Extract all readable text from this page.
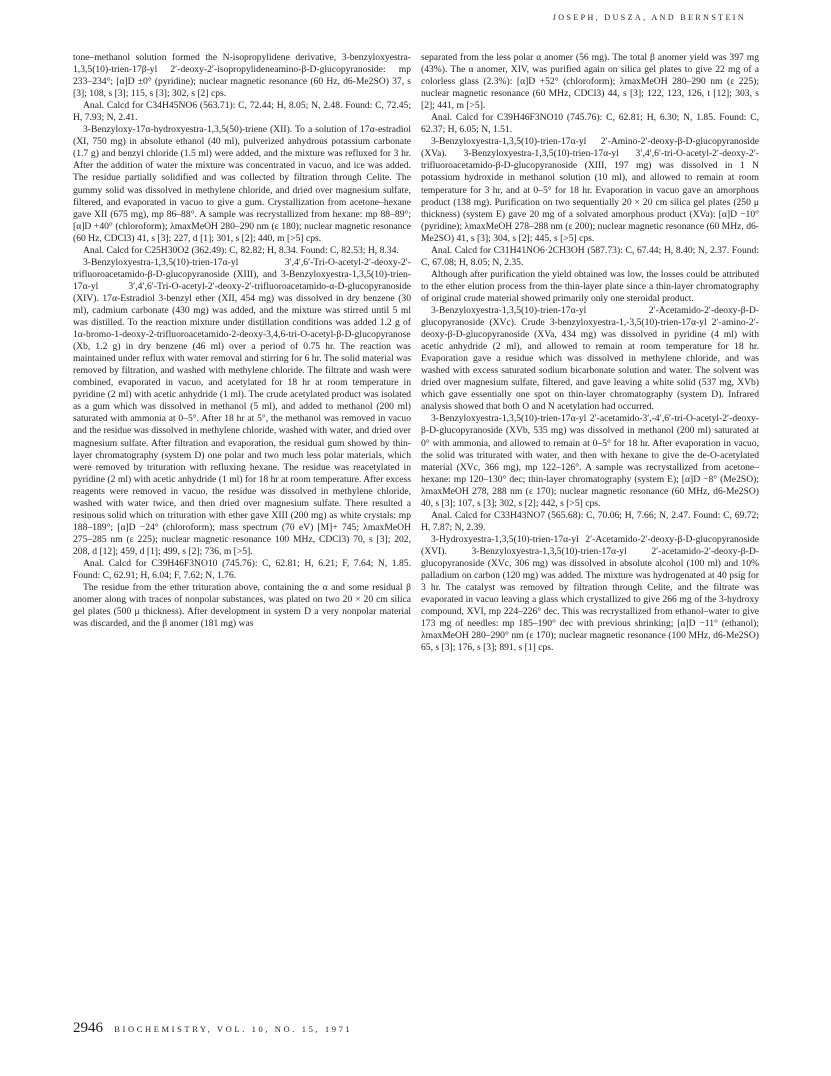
JOSEPH, DUSZA, AND BERNSTEIN

tone–methanol solution formed the N-isopropylidene derivative, 3-benzyloxyestra-1,3,5(10)-trien-17β-yl 2′-deoxy-2′-isopropylideneamino-β-D-glucopyranoside: mp 233–234°; [α]D ±0° (pyridine); nuclear magnetic resonance (60 Hz, d6-Me2SO) 37, s [3]; 108, s [3]; 115, s [3]; 302, s [2] cps.

Anal. Calcd for C34H45NO6 (563.71): C, 72.44; H, 8.05; N, 2.48. Found: C, 72.45; H, 7.93; N, 2.41.

3-Benzyloxy-17α-hydroxyestra-1,3,5(50)-triene (XII). To a solution of 17α-estradiol (XI, 750 mg) in absolute ethanol (40 ml), pulverized anhydrous potassium carbonate (1.7 g) and benzyl chloride (1.5 ml) were added, and the mixture was refluxed for 3 hr. After the addition of water the mixture was concentrated in vacuo, and ice was added. The residue partially solidified and was collected by filtration through Celite. The gummy solid was dissolved in methylene chloride, and dried over magnesium sulfate, filtered, and evaporated in vacuo to give a gum. Crystallization from acetone–hexane gave XII (675 mg), mp 86–88°. A sample was recrystallized from hexane: mp 88–89°; [α]D +40° (chloroform); λmaxMeOH 280–290 nm (ε 180); nuclear magnetic resonance (60 Hz, CDCl3) 41, s [3]; 227, d [1]; 301, s [2]; 440, m [>5] cps.

Anal. Calcd for C25H30O2 (362.49): C, 82.82; H, 8.34. Found: C, 82.53; H, 8.34.

3-Benzyloxyestra-1,3,5(10)-trien-17α-yl 3′,4′,6′-Tri-O-acetyl-2′-deoxy-2′-trifluoroacetamido-β-D-glucopyranoside (XIII), and 3-Benzyloxyestra-1,3,5(10)-trien-17α-yl 3′,4′,6′-Tri-O-acetyl-2′-deoxy-2′-trifluoroacetamido-α-D-glucopyranoside (XIV). 17α-Estradiol 3-benzyl ether (XII, 454 mg) was dissolved in dry benzene (30 ml), cadmium carbonate (430 mg) was added, and the mixture was stirred until 5 ml was distilled. To the reaction mixture under distillation conditions was added 1.2 g of 1α-bromo-1-deoxy-2-trifluoroacetamido-2-deoxy-3,4,6-tri-O-acetyl-β-D-glucopyranose (Xb, 1.2 g) in dry benzene (46 ml) over a period of 0.75 hr. The reaction was maintained under reflux with water removal and stirring for 6 hr. The solid material was removed by filtration, and washed with methylene chloride. The filtrate and wash were combined, evaporated in vacuo, and acetylated for 18 hr at room temperature in pyridine (2 ml) with acetic anhydride (1 ml). The crude acetylated product was isolated as a gum which was dissolved in methanol (5 ml), and added to methanol (200 ml) saturated with ammonia at 0–5°. After 18 hr at 5°, the methanol was removed in vacuo and the residue was dissolved in methylene chloride, washed with water, and dried over magnesium sulfate. After filtration and evaporation, the residual gum showed by thin-layer chromatography (system D) one polar and two much less polar materials, which were removed by trituration with refluxing hexane. The residue was reacetylated in pyridine (2 ml) with acetic anhydride (1 ml) for 18 hr at room temperature. After excess reagents were removed in vacuo, the residue was dissolved in methylene chloride, washed with water twice, and then dried over magnesium sulfate. There resulted a resinous solid which on trituration with ether gave XIII (200 mg) as white crystals: mp 188–189°; [α]D −24° (chloroform); mass spectrum (70 eV) [M]+ 745; λmaxMeOH 275–285 nm (ε 225); nuclear magnetic resonance 100 MHz, CDCl3) 70, s [3]; 202, 208, d [12]; 459, d [1]; 499, s [2]; 736, m [>5].

Anal. Calcd for C39H46F3NO10 (745.76): C, 62.81; H, 6.21; F, 7.64; N, 1.85. Found: C, 62.91; H, 6.04; F, 7.62; N, 1.76.

The residue from the ether trituration above, containing the α and some residual β anomer along with traces of nonpolar substances, was plated on two 20 × 20 cm silica gel plates (500 μ thickness). After development in system D a very nonpolar material was discarded, and the β anomer (181 mg) was

separated from the less polar α anomer (56 mg). The total β anomer yield was 397 mg (43%). The α anomer, XIV, was purified again on silica gel plates to give 22 mg of a colorless glass (2.3%): [α]D +52° (chloroform); λmaxMeOH 280–290 nm (ε 225); nuclear magnetic resonance (60 MHz, CDCl3) 44, s [3]; 122, 123, 126, t [12]; 303, s [2]; 441, m [>5].

Anal. Calcd for C39H46F3NO10 (745.76): C, 62.81; H, 6.30; N, 1.85. Found: C, 62.37; H, 6.05; N, 1.51.

3-Benzyloxyestra-1,3,5(10)-trien-17α-yl 2′-Amino-2′-deoxy-β-D-glucopyranoside (XVa). 3-Benzyloxyestra-1,3,5(10)-trien-17α-yl 3′,4′,6′-tri-O-acetyl-2′-deoxy-2′-trifluoroacetamido-β-D-glucopyranoside (XIII, 197 mg) was dissolved in 1 N potassium hydroxide in methanol solution (10 ml), and allowed to remain at room temperature for 3 hr, and at 0–5° for 18 hr. Evaporation in vacuo gave an amorphous product (138 mg). Purification on two sequentially 20 × 20 cm silica gel plates (250 μ thickness) (system E) gave 20 mg of a solvated amorphous product (XVa): [α]D −10° (pyridine); λmaxMeOH 278–288 nm (ε 200); nuclear magnetic resonance (60 MHz, d6-Me2SO) 41, s [3]; 304, s [2]; 445, s [>5] cps.

Anal. Calcd for C31H41NO6·2CH3OH (587.73): C, 67.44; H, 8.40; N, 2.37. Found: C, 67.08; H, 8.05; N, 2.35.

Although after purification the yield obtained was low, the losses could be attributed to the ether elution process from the thin-layer plate since a thin-layer chromatography of original crude material showed primarily only one steroidal product.

3-Benzyloxyestra-1,3,5(10)-trien-17α-yl 2′-Acetamido-2′-deoxy-β-D-glucopyranoside (XVc). Crude 3-benzyloxyestra-1,-3,5(10)-trien-17α-yl 2′-amino-2′-deoxy-β-D-glucopyranoside (XVa, 434 mg) was dissolved in pyridine (4 ml) with acetic anhydride (2 ml), and allowed to remain at room temperature for 18 hr. Evaporation gave a residue which was dissolved in methylene chloride, and was washed with excess saturated sodium bicarbonate solution and water. The solvent was dried over magnesium sulfate, filtered, and gave leaving a white solid (537 mg, XVb) which gave essentially one spot on thin-layer chromatography (system D). Infrared analysis showed that both O and N acetylation had occurred.

3-Benzyloxyestra-1,3,5(10)-trien-17α-yl 2′-acetamido-3′,-4′,6′-tri-O-acetyl-2′-deoxy-β-D-glucopyranoside (XVb, 535 mg) was dissolved in methanol (200 ml) saturated at 0° with ammonia, and allowed to remain at 0–5° for 18 hr. After evaporation in vacuo, the solid was triturated with water, and then with hexane to give the de-O-acetylated material (XVc, 366 mg), mp 122–126°. A sample was recrystallized from acetone–hexane: mp 120–130° dec; thin-layer chromatography (system E); [α]D −8° (Me2SO); λmaxMeOH 278, 288 nm (ε 170); nuclear magnetic resonance (60 MHz, d6-Me2SO) 40, s [3]; 107, s [3]; 302, s [2]; 442, s [>5] cps.

Anal. Calcd for C33H43NO7 (565.68): C, 70.06; H, 7.66; N, 2.47. Found: C, 69.72; H, 7.87; N, 2.39.

3-Hydroxyestra-1,3,5(10)-trien-17α-yl 2′-Acetamido-2′-deoxy-β-D-glucopyranoside (XVI). 3-Benzyloxyestra-1,3,5(10)-trien-17α-yl 2′-acetamido-2′-deoxy-β-D-glucopyranoside (XVc, 306 mg) was dissolved in absolute alcohol (100 ml) and 10% palladium on carbon (120 mg) was added. The mixture was hydrogenated at 40 psig for 3 hr. The catalyst was removed by filtration through Celite, and the filtrate was evaporated in vacuo leaving a glass which crystallized to give 266 mg of the 3-hydroxy compound, XVI, mp 224–226° dec. This was recrystallized from ethanol–water to give 173 mg of needles: mp 185–190° dec with previous shrinking; [α]D −11° (ethanol); λmaxMeOH 280–290° nm (ε 170); nuclear magnetic resonance (100 MHz, d6-Me2SO) 65, s [3]; 176, s [3]; 891, s [1] cps.

2946 BIOCHEMISTRY, VOL. 10, NO. 15, 1971
